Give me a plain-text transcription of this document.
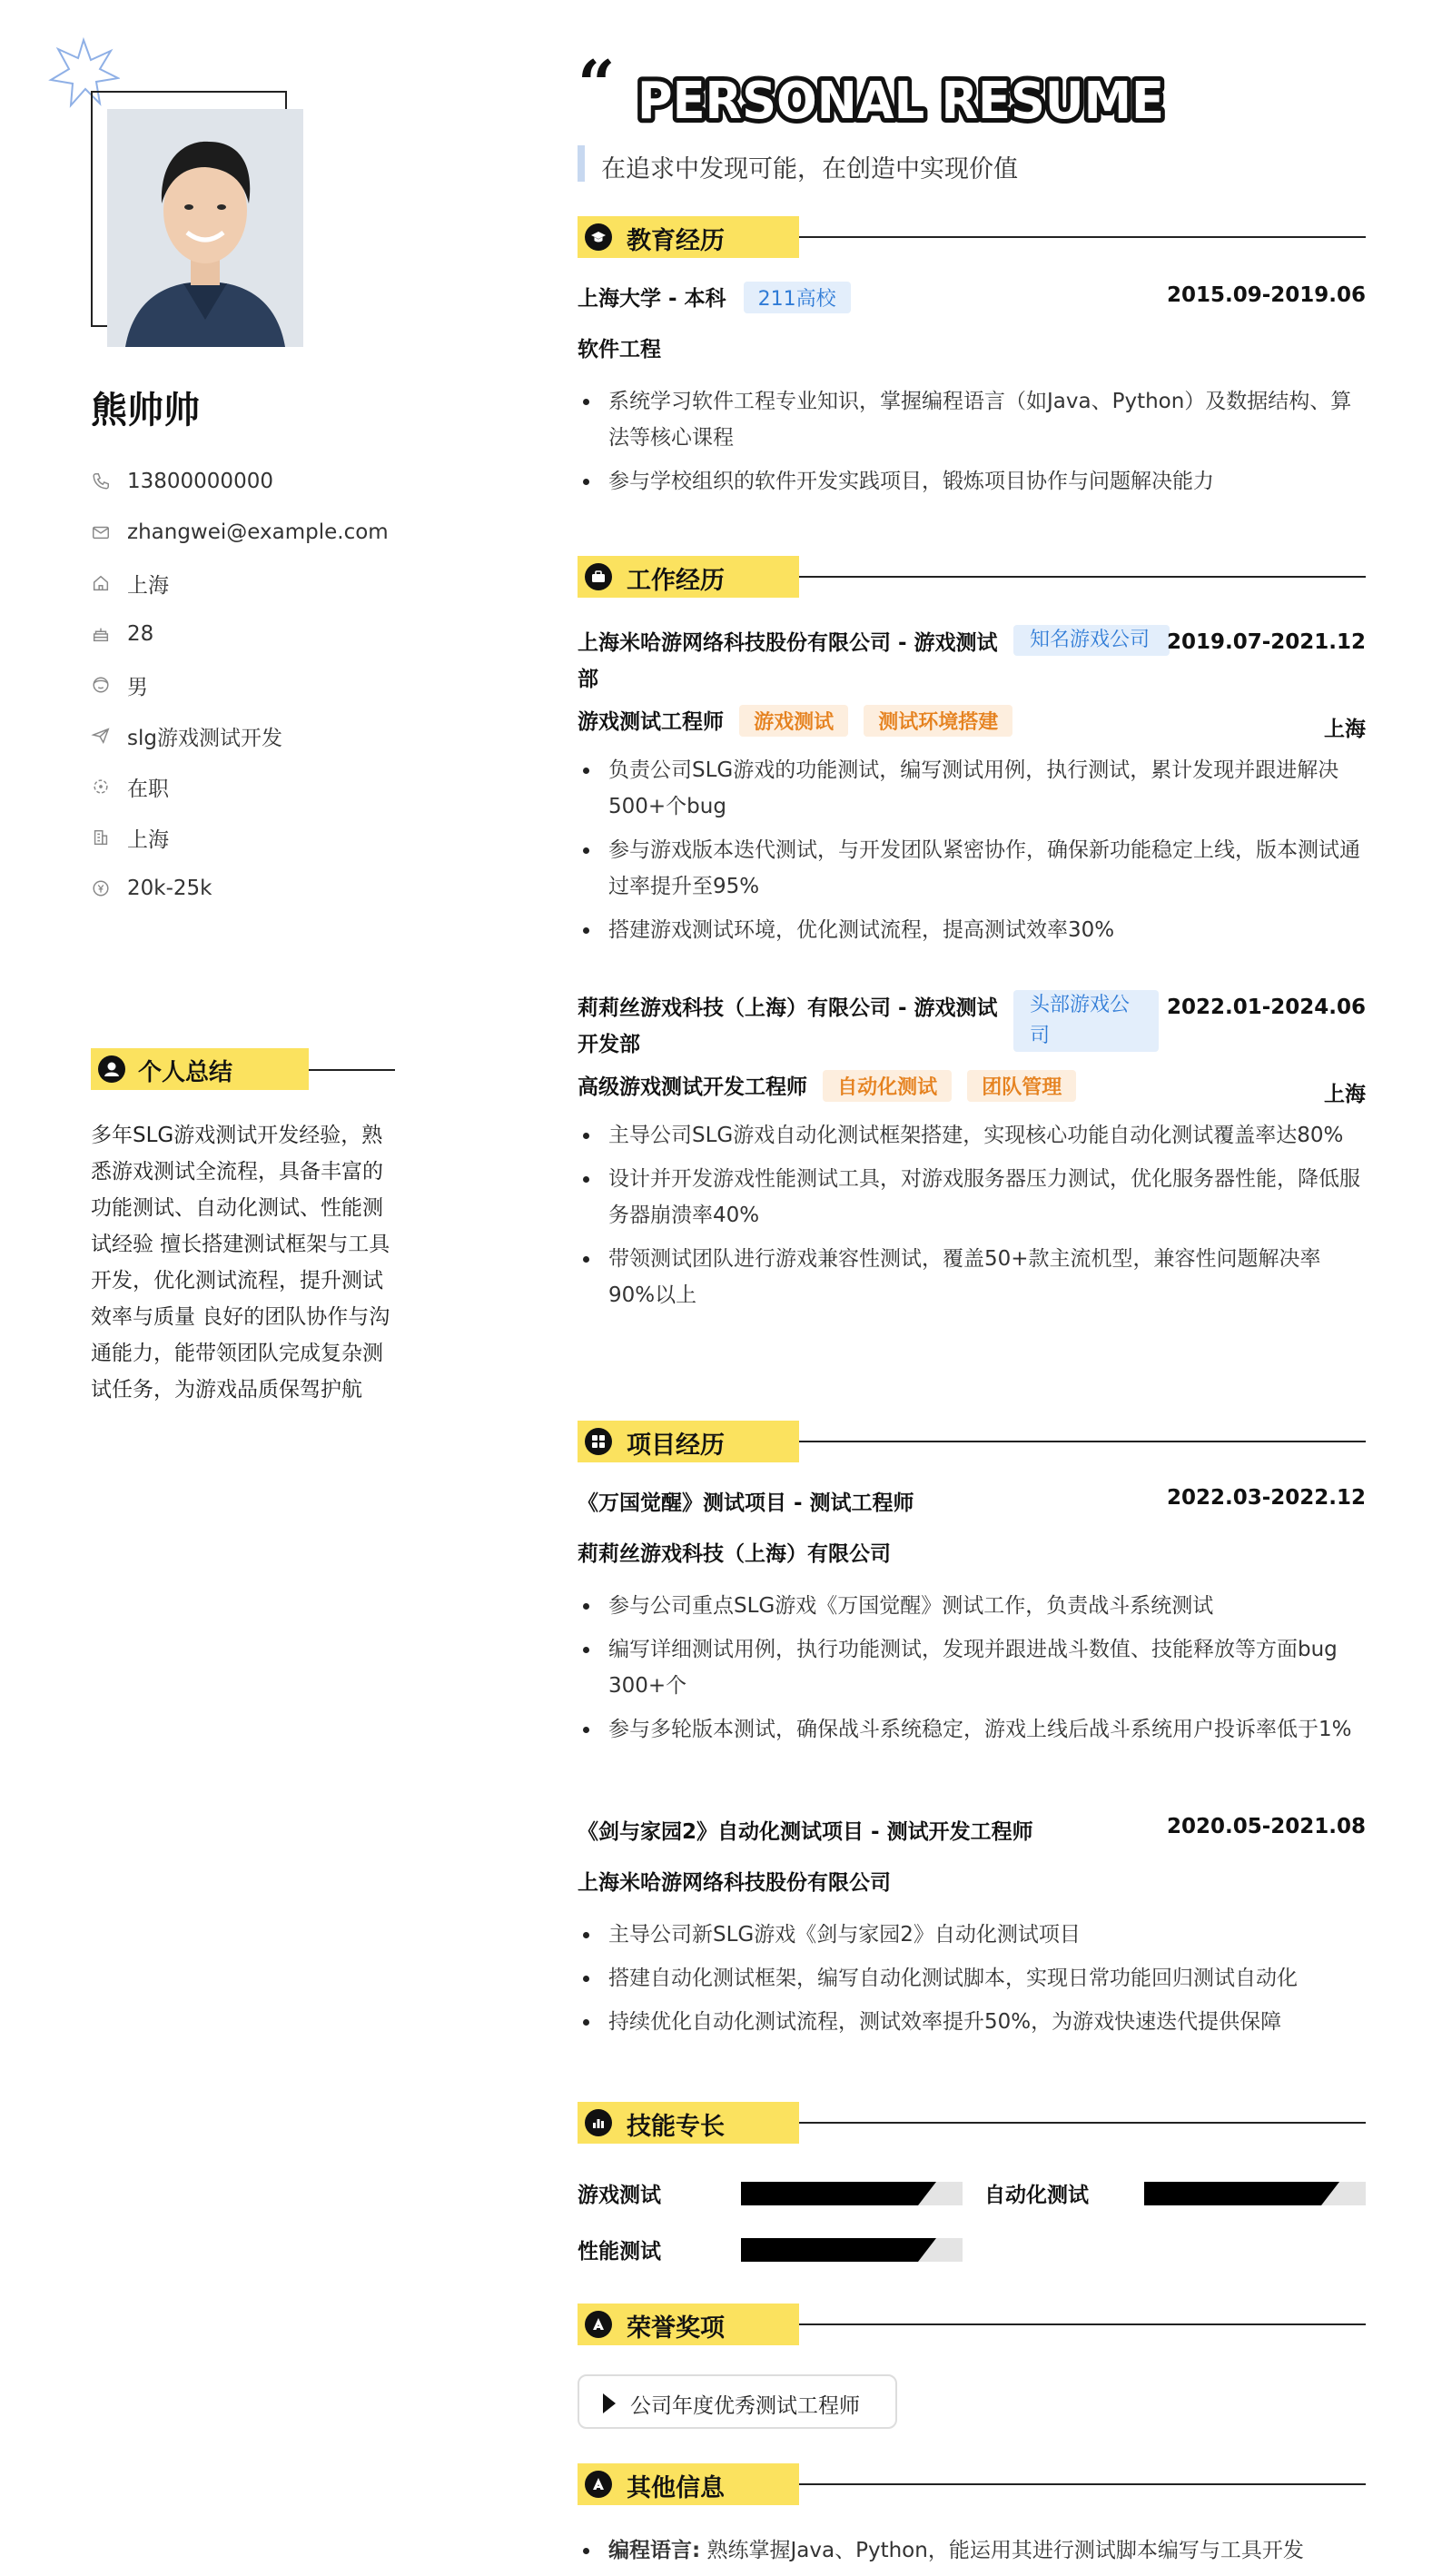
熊帅帅
13800000000
zhangwei@example.com
上海
28
男
slg游戏测试开发
在职
上海
20k-25k
个人总结
多年SLG游戏测试开发经验，熟悉游戏测试全流程，具备丰富的功能测试、自动化测试、性能测试经验 擅长搭建测试框架与工具开发，优化测试流程，提升测试效率与质量 良好的团队协作与沟通能力，能带领团队完成复杂测试任务，为游戏品质保驾护航
“ PERSONAL RESUME
在追求中发现可能，在创造中实现价值
教育经历
上海大学 - 本科 211高校	2015.09-2019.06
软件工程
系统学习软件工程专业知识，掌握编程语言（如Java、Python）及数据结构、算法等核心课程
参与学校组织的软件开发实践项目，锻炼项目协作与问题解决能力
工作经历
上海米哈游网络科技股份有限公司 - 游戏测试部
知名游戏公司 2019.07-2021.12
游戏测试工程师 游戏测试 测试环境搭建	上海
负责公司SLG游戏的功能测试，编写测试用例，执行测试，累计发现并跟进解决500+个bug
参与游戏版本迭代测试，与开发团队紧密协作，确保新功能稳定上线，版本测试通过率提升至95%
搭建游戏测试环境，优化测试流程，提高测试效率30%
莉莉丝游戏科技（上海）有限公司 - 游戏测试开发部
头部游戏公司
2022.01-2024.06
高级游戏测试开发工程师 自动化测试 团队管理	上海
主导公司SLG游戏自动化测试框架搭建，实现核心功能自动化测试覆盖率达80%
设计并开发游戏性能测试工具，对游戏服务器压力测试，优化服务器性能，降低服务器崩溃率40%
带领测试团队进行游戏兼容性测试，覆盖50+款主流机型，兼容性问题解决率90%以上
项目经历
《万国觉醒》测试项目 - 测试工程师	2022.03-2022.12
莉莉丝游戏科技（上海）有限公司
参与公司重点SLG游戏《万国觉醒》测试工作，负责战斗系统测试
编写详细测试用例，执行功能测试，发现并跟进战斗数值、技能释放等方面bug 300+个
参与多轮版本测试，确保战斗系统稳定，游戏上线后战斗系统用户投诉率低于1%
《剑与家园2》自动化测试项目 - 测试开发工程师	2020.05-2021.08
上海米哈游网络科技股份有限公司
主导公司新SLG游戏《剑与家园2》自动化测试项目
搭建自动化测试框架，编写自动化测试脚本，实现日常功能回归测试自动化
持续优化自动化测试流程，测试效率提升50%，为游戏快速迭代提供保障
技能专长
游戏测试	自动化测试
性能测试
荣誉奖项
公司年度优秀测试工程师
其他信息
编程语言: 熟练掌握Java、Python，能运用其进行测试脚本编写与工具开发
